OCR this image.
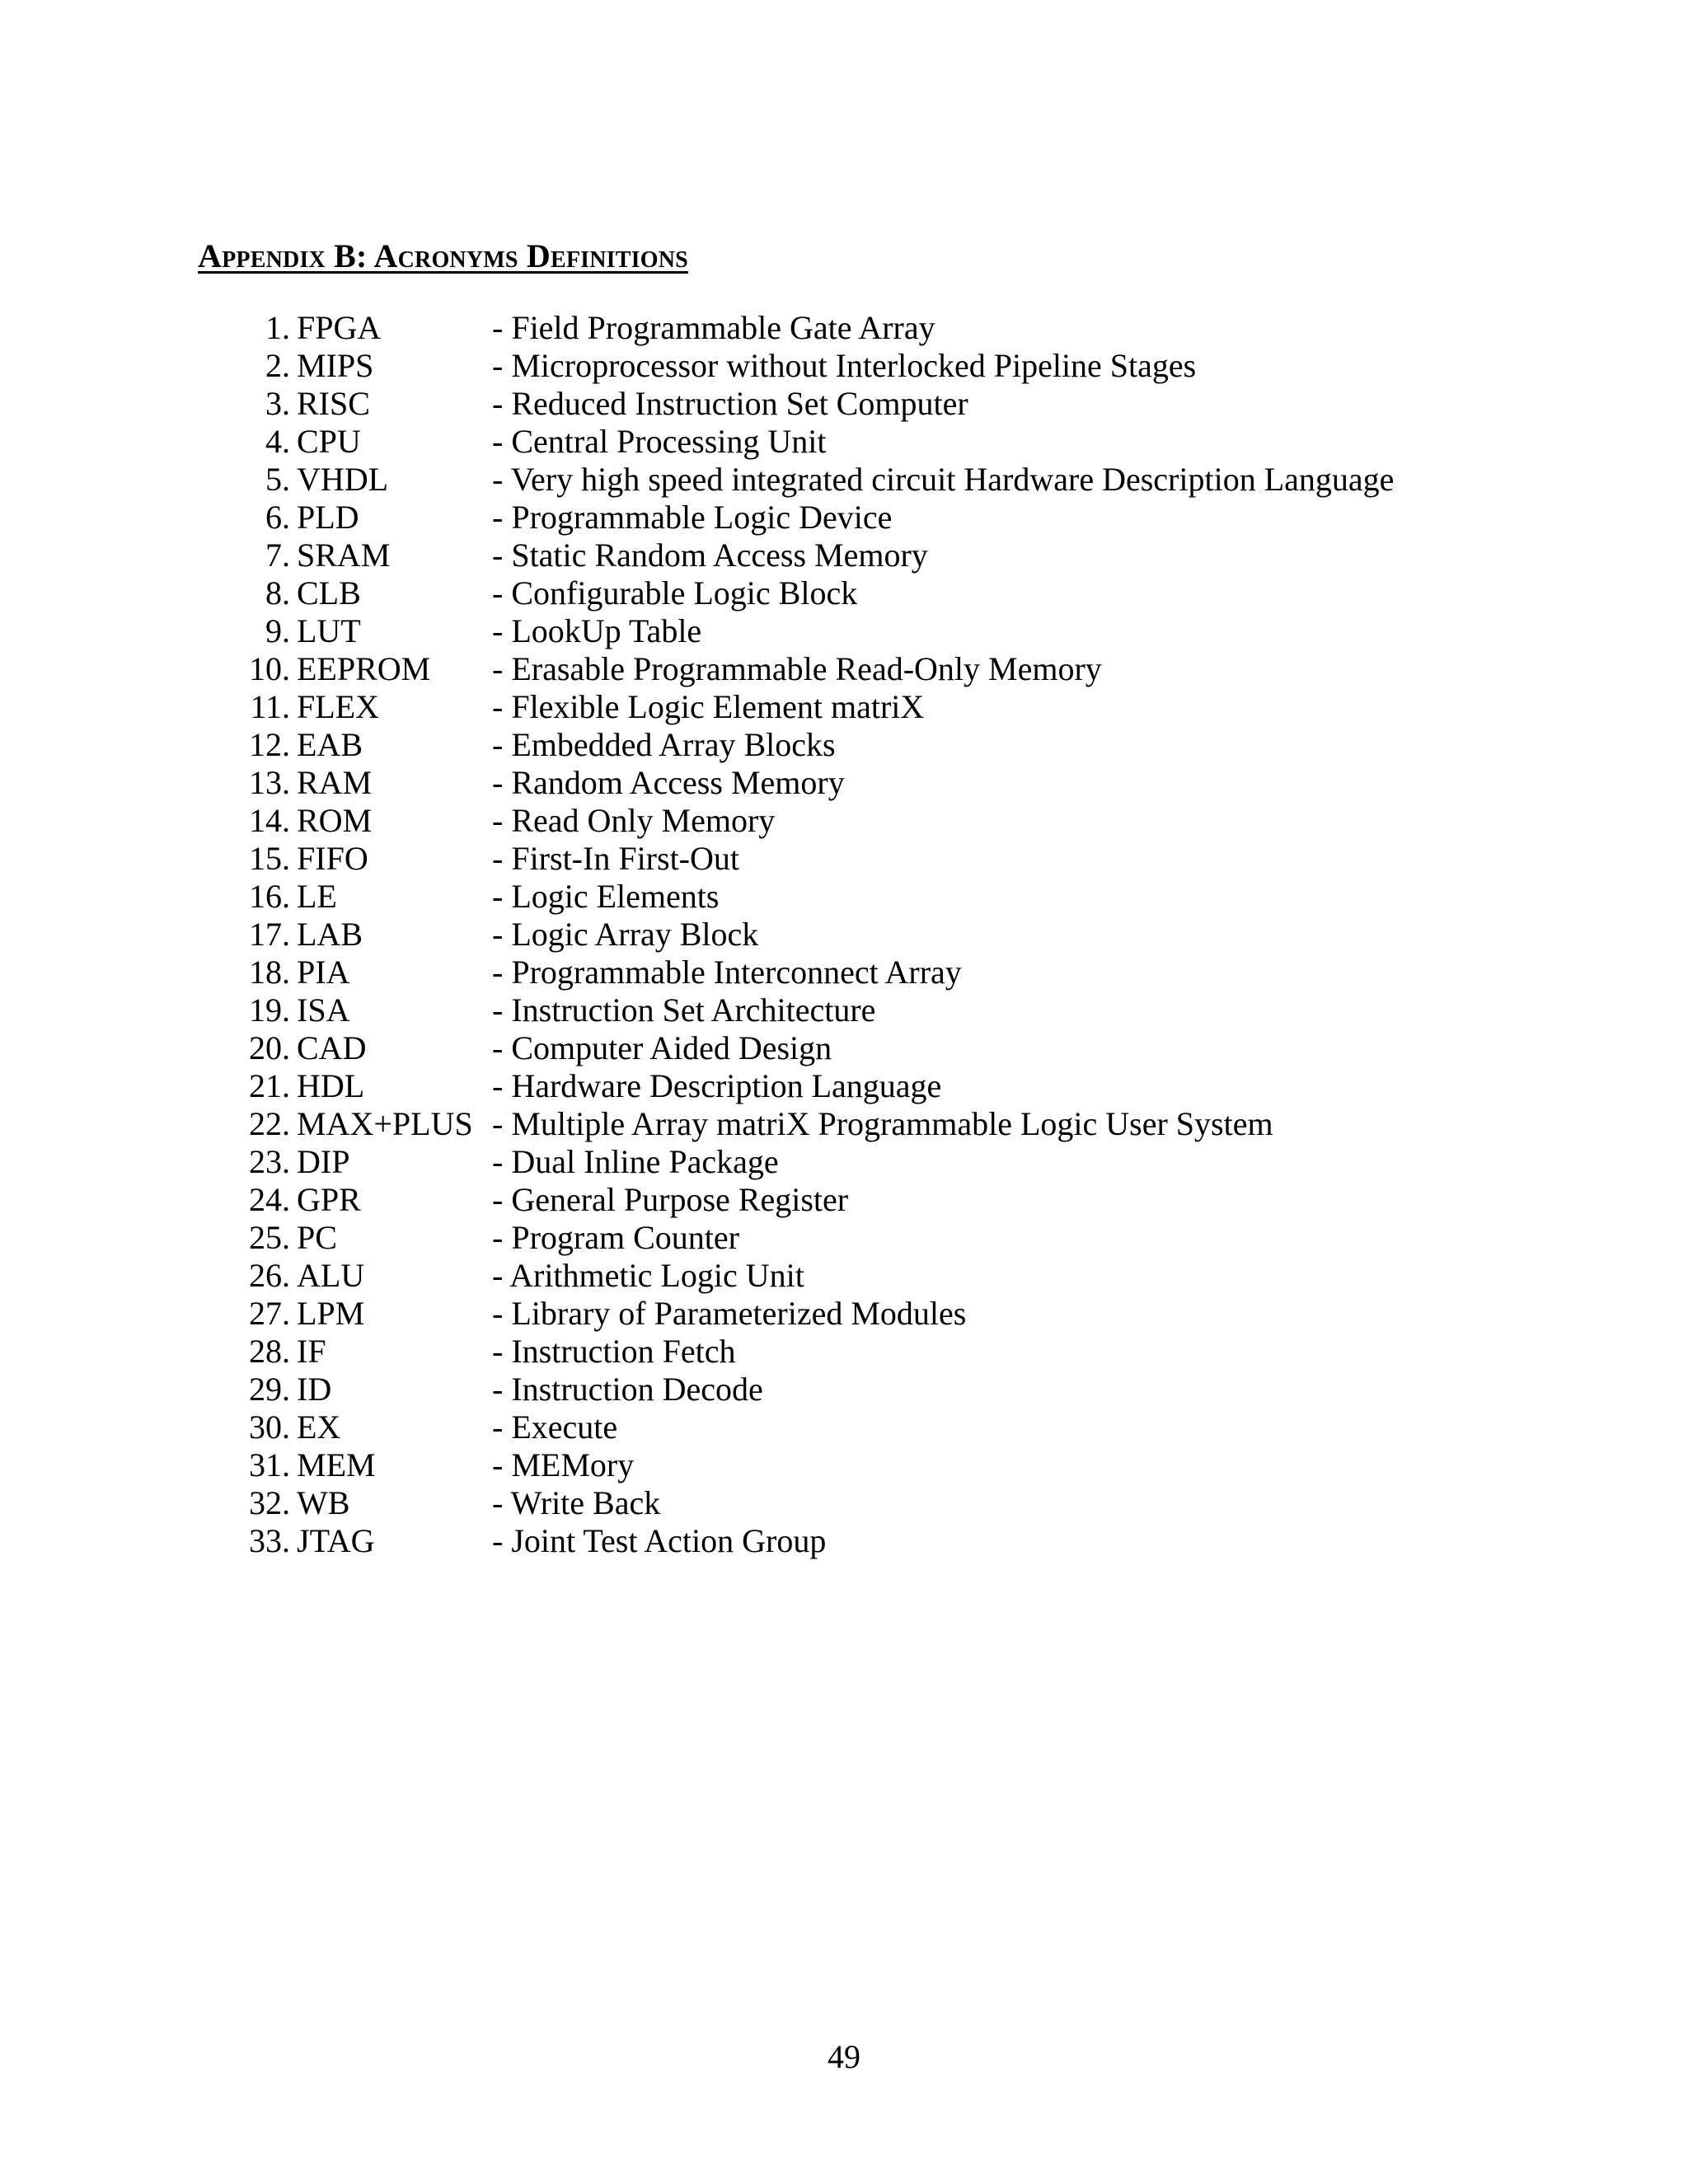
Appendix B: Acronyms Definitions
1. FPGA	- Field Programmable Gate Array
2. MIPS	- Microprocessor without Interlocked Pipeline Stages
3. RISC	- Reduced Instruction Set Computer
4. CPU	- Central Processing Unit
5. VHDL	- Very high speed integrated circuit Hardware Description Language
6. PLD	- Programmable Logic Device
7. SRAM	- Static Random Access Memory
8. CLB	- Configurable Logic Block
9. LUT	- LookUp Table
10. EEPROM - Erasable Programmable Read-Only Memory
11. FLEX	- Flexible Logic Element matriX
12. EAB	- Embedded Array Blocks
13. RAM	- Random Access Memory
14. ROM	- Read Only Memory
15. FIFO	- First-In First-Out
16. LE	- Logic Elements
17. LAB	- Logic Array Block
18. PIA	- Programmable Interconnect Array
19. ISA	- Instruction Set Architecture
20. CAD	- Computer Aided Design
21. HDL	- Hardware Description Language
22. MAX+PLUS - Multiple Array matriX Programmable Logic User System
23. DIP	- Dual Inline Package
24. GPR	- General Purpose Register
25. PC	- Program Counter
26. ALU	- Arithmetic Logic Unit
27. LPM	- Library of Parameterized Modules
28. IF	- Instruction Fetch
29. ID	- Instruction Decode
30. EX	- Execute
31. MEM	- MEMory
32. WB	- Write Back
33. JTAG	- Joint Test Action Group
49
